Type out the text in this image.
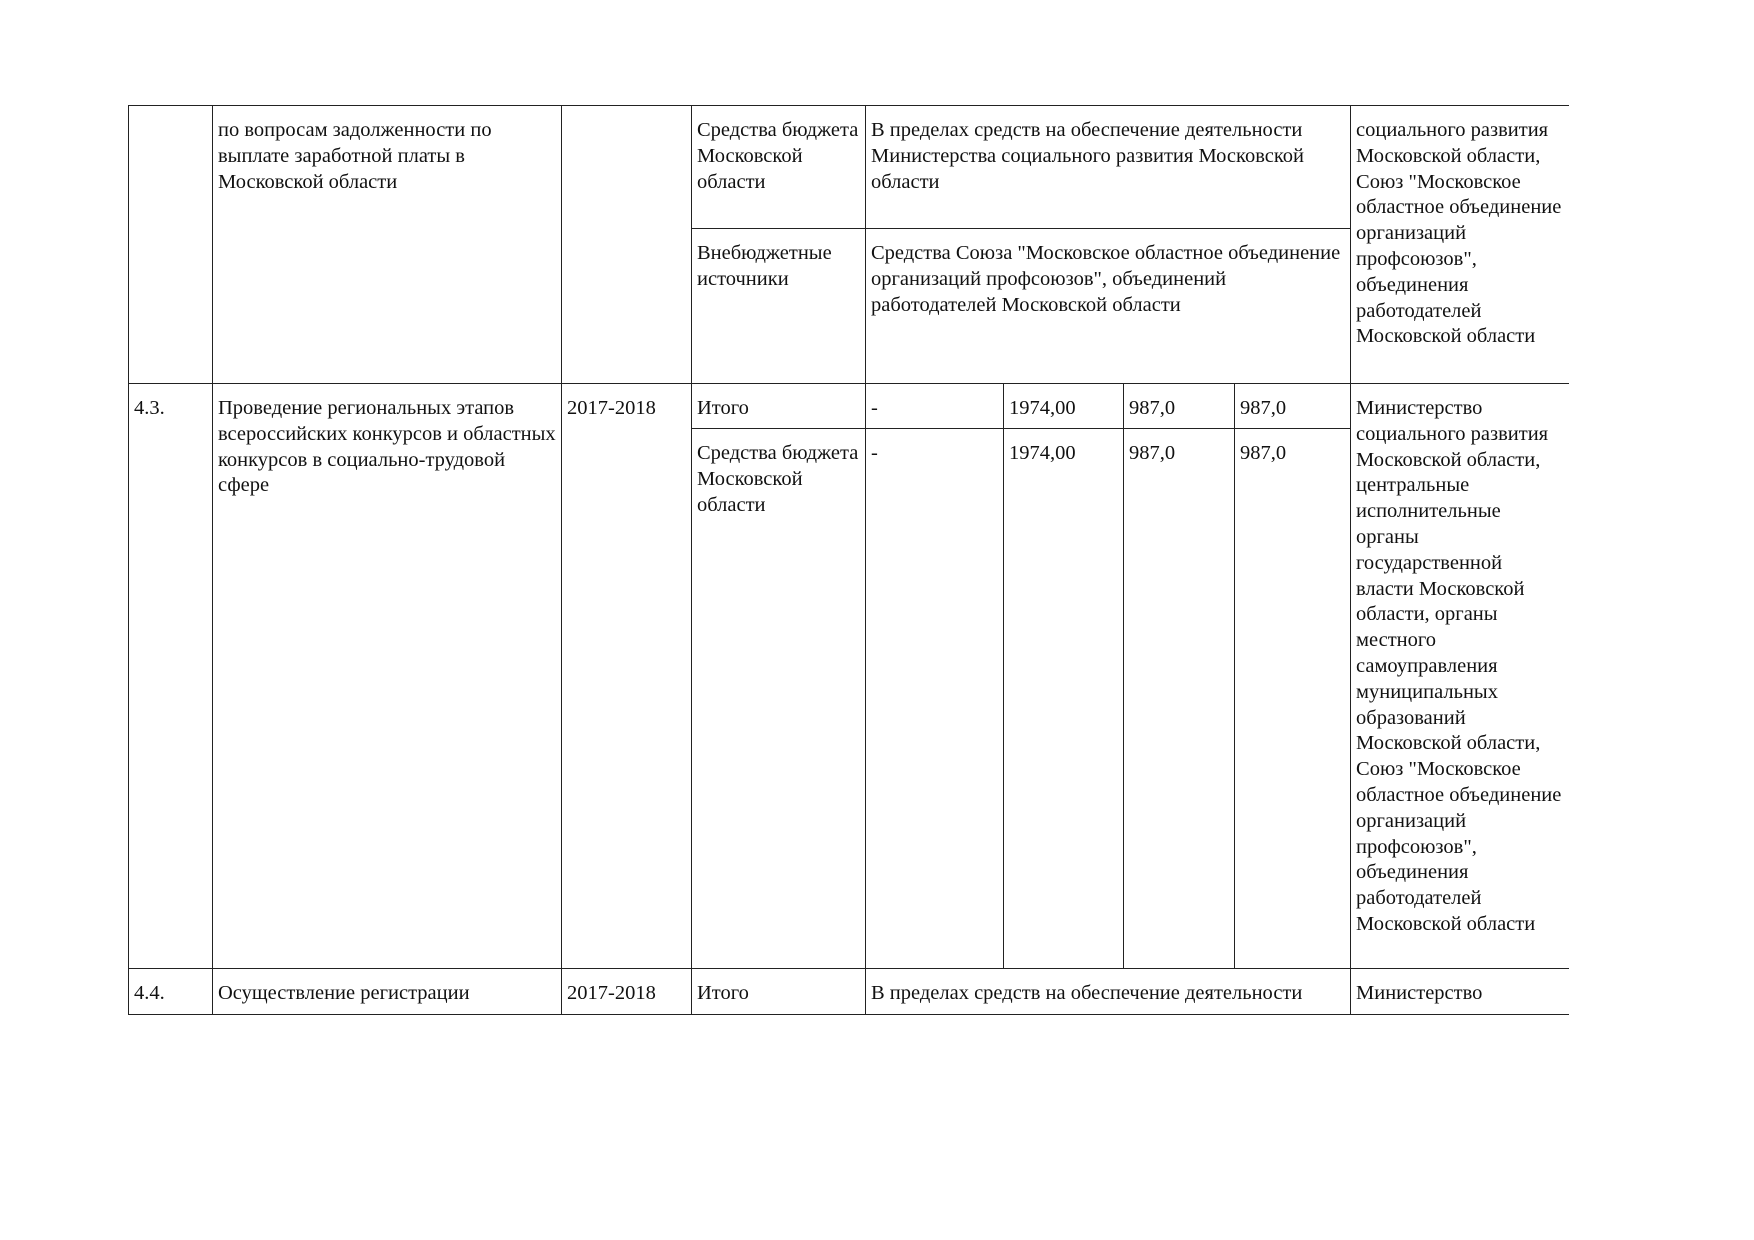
	по вопросам задолженности по выплате заработной платы в Московской области		Средства бюджета Московской области	В пределах средств на обеспечение деятельности Министерства социального развития Московской области				социального развития Московской области, Союз "Московское областное объединение организаций профсоюзов", объединения работодателей Московской области

			Внебюджетные источники	Средства Союза "Московское областное объединение организаций профсоюзов", объединений работодателей Московской области				

4.3.	Проведение региональных этапов всероссийских конкурсов и областных конкурсов в социально-трудовой сфере	2017-2018	Итого	-	1974,00	987,0	987,0	Министерство социального развития Московской области, центральные исполнительные органы государственной власти Московской области, органы местного самоуправления муниципальных образований Московской области, Союз "Московское областное объединение организаций профсоюзов", объединения работодателей Московской области

			Средства бюджета Московской области	-	1974,00	987,0	987,0	

4.4.	Осуществление регистрации	2017-2018	Итого	В пределах средств на обеспечение деятельности				Министерство
